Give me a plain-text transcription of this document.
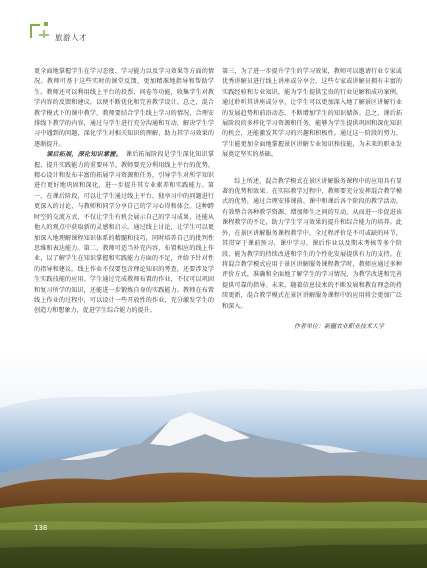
旅游人才

更全面地掌握学生在学习态度、学习能力以及学习效果等方面的情况。教师可基于这些实时的课堂反馈，更加精准地指导和帮助学生。教师还可以利用线上平台的投票、问卷等功能，收集学生对教学内容的反馈和建议，以便不断优化和完善教学设计。总之，混合教学模式下的课中教学，教师要结合学生线上学习的情况，合理安排线下教学的内容，通过与学生进行充分沟通和互动，解决学生学习中遇到的问题，深化学生对相关知识的理解，助力其学习效果的逐渐提升。

课后拓展，深化知识掌握。 课后拓展阶段是学生深化知识掌握、提升实践能力的重要环节。教师要充分利用线上平台的优势，精心设计和发布丰富的拓展学习资源和任务，引导学生对所学知识进行更好地巩固和深化，进一步提升其专业素养和实践能力。第一，在课后阶段，可以让学生通过线上平台，独享习中的问题进行更深入的讨论，与教师和同学分享自己的学习心得和体会。这种跨时空的交流方式，不仅让学生有机会展示自己的学习成果，还能从他人的观点中获取新的灵感和启示。通过线上讨论，让学生可以更加深入地理解课程知识体系的精髓和技巧，同时培养自己的批判性思维和表达能力。第二，教师可适当补充内容，布置相应的线上作业，以了解学生在知识掌握和实践能力方面的不足，并给予针对性的指导和建议。线上作业不仅要包含理论知识的考查，还要涉及学生实践技能的应用。学生通过完成教师布置的作业，不仅可以巩固和复习所学的知识，还能进一步锻炼自身的实践能力。教师在布置线上作业的过程中，可以设计一些开放性的作业，充分激发学生的创造力和想象力，促进学生综合能力的提升。

第三，为了进一步提升学生的学习效果，教师可以邀请行业专家或优秀讲解员进行线上讲座或分享会，这些专家或讲解员拥有丰富的实践经验和专业知识，能为学生提供宝贵的行业见解和成功案例。通过聆听其讲座或分享，让学生可以更加深入地了解景区讲解行业的发展趋势和前沿动态，不断增加学生的知识储备。总之，课后拓展阶段的多样化学习资源和任务，能够为学生提供巩固和深化知识的机会，还能激发其学习的兴趣和积极性。通过这一阶段的努力，学生能更加全面地掌握景区讲解专业知识和技能，为未来的职业发展奠定坚实的基础。

综上所述，混合教学模式在景区讲解服务课程中的应用具有显著的优势和效果。在实际教学过程中，教师要充分发挥混合教学模式的优势，通过合理安排课前、课中和课后各个阶段的教学活动，有效整合各种教学资源，增加师生之间的互动，从而进一步促进该课程教学的不足，助力学生学习效果的提升和综合能力的培养。此外，在景区讲解服务课程教学中，全过程评价是不可或缺的环节，其贯穿于课前预习、课中学习、课后作业以及期末考核等多个阶段，能为教学的持续改进和学生的个性化发展提供有力的支持。在将混合教学模式应用于景区讲解服务课程教学时，教师应通过多种评价方式，准确和全面地了解学生的学习情况，为教学改进和完善提供可靠的指导。未来，随着信息技术的不断发展和教育理念的持续更新，混合教学模式在景区讲解服务课程中的应用将会更加广泛和深入。

作者单位：新疆农业职业技术大学
138
